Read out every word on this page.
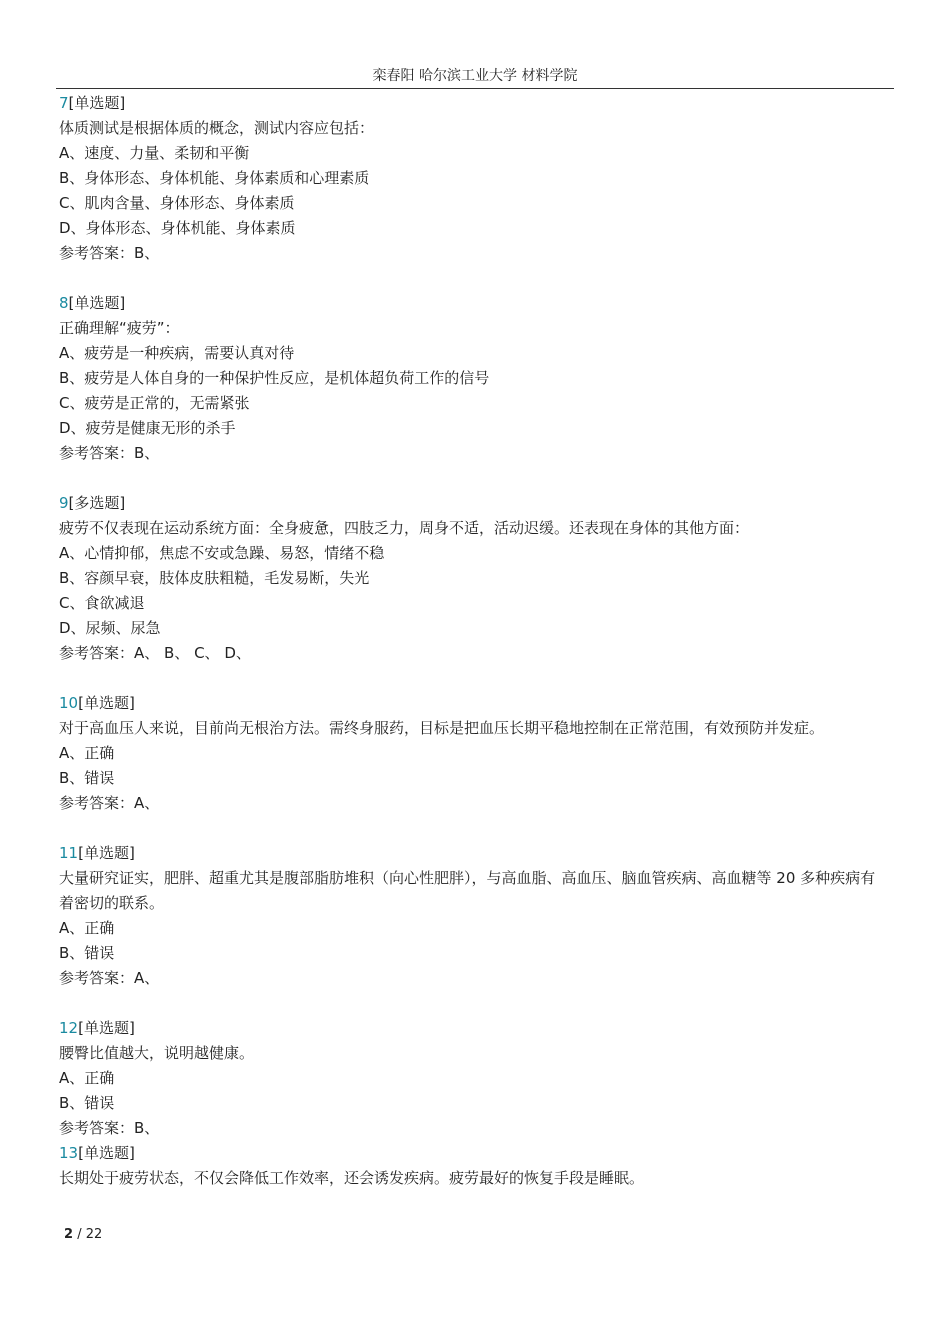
栾春阳 哈尔滨工业大学 材料学院
7[单选题]
体质测试是根据体质的概念，测试内容应包括：
A、速度、力量、柔韧和平衡
B、身体形态、身体机能、身体素质和心理素质
C、肌肉含量、身体形态、身体素质
D、身体形态、身体机能、身体素质
参考答案：B、
8[单选题]
正确理解“疲劳”：
A、疲劳是一种疾病，需要认真对待
B、疲劳是人体自身的一种保护性反应，是机体超负荷工作的信号
C、疲劳是正常的，无需紧张
D、疲劳是健康无形的杀手
参考答案：B、
9[多选题]
疲劳不仅表现在运动系统方面：全身疲惫，四肢乏力，周身不适，活动迟缓。还表现在身体的其他方面：
A、心情抑郁，焦虑不安或急躁、易怒，情绪不稳
B、容颜早衰，肢体皮肤粗糙，毛发易断，失光
C、食欲减退
D、尿频、尿急
参考答案：A、 B、 C、 D、
10[单选题]
对于高血压人来说，目前尚无根治方法。需终身服药，目标是把血压长期平稳地控制在正常范围，有效预防并发症。
A、正确
B、错误
参考答案：A、
11[单选题]
大量研究证实，肥胖、超重尤其是腹部脂肪堆积（向心性肥胖），与高血脂、高血压、脑血管疾病、高血糖等 20 多种疾病有着密切的联系。
A、正确
B、错误
参考答案：A、
12[单选题]
腰臀比值越大，说明越健康。
A、正确
B、错误
参考答案：B、
13[单选题]
长期处于疲劳状态，不仅会降低工作效率，还会诱发疾病。疲劳最好的恢复手段是睡眠。
2 / 22
